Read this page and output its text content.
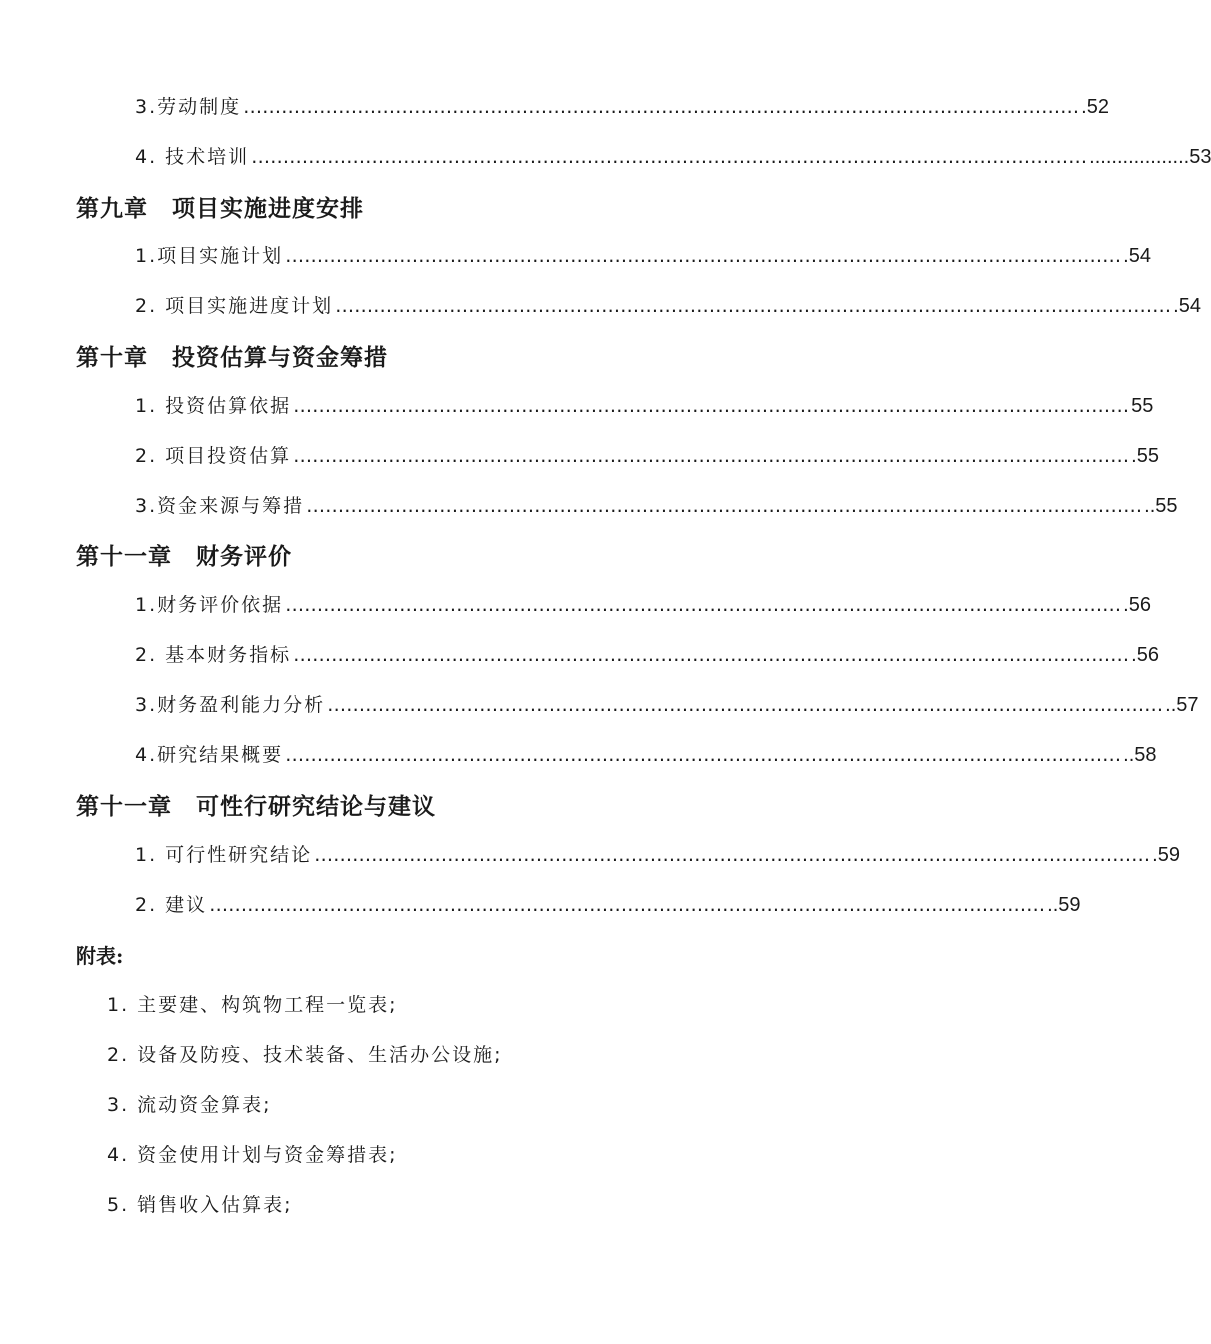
3.劳动制度 …………………………………………………………………………………………………………………… .52
4. 技术培训 …………………………………………………………………………………………………………………… ..................53
第九章 项目实施进度安排
1.项目实施计划 …………………………………………………………………………………………………………………… .54
2. 项目实施进度计划 …………………………………………………………………………………………………………………… .54
第十章 投资估算与资金筹措
1. 投资估算依据 …………………………………………………………………………………………………………………… 55
2. 项目投资估算 …………………………………………………………………………………………………………………… .55
3.资金来源与筹措 …………………………………………………………………………………………………………………… ..55
第十一章 财务评价
1.财务评价依据 …………………………………………………………………………………………………………………… .56
2. 基本财务指标 …………………………………………………………………………………………………………………… .56
3.财务盈利能力分析 …………………………………………………………………………………………………………………… ..57
4.研究结果概要 …………………………………………………………………………………………………………………… ..58
第十一章 可性行研究结论与建议
1. 可行性研究结论 …………………………………………………………………………………………………………………… .59
2. 建议 …………………………………………………………………………………………………………………… ..59
附表:
1. 主要建、构筑物工程一览表;
2. 设备及防疫、技术装备、生活办公设施;
3. 流动资金算表;
4. 资金使用计划与资金筹措表;
5. 销售收入估算表;
